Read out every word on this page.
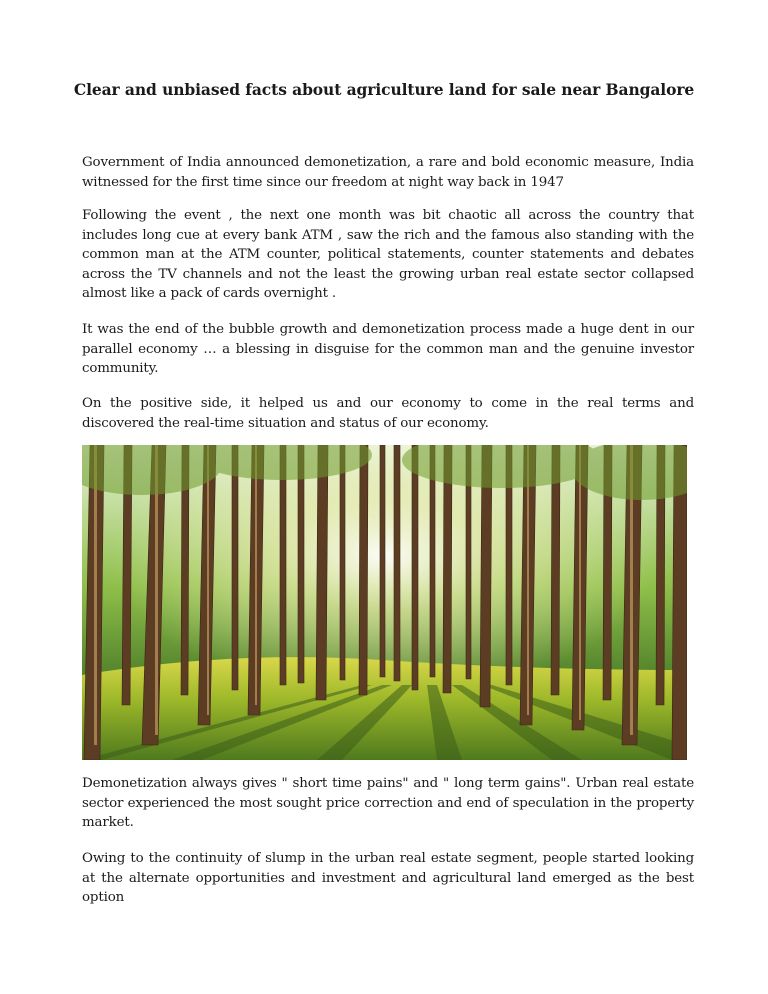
Clear and unbiased facts about agriculture land for sale near Bangalore

Government of India announced demonetization, a rare and bold economic measure, India witnessed for the first time since our freedom at night way back in 1947

Following the event , the next one month was bit chaotic all across the country that includes long cue at every bank ATM , saw the rich and the famous also standing with the common man at the ATM counter, political statements, counter statements and debates across the TV channels and not the least the growing urban real estate sector collapsed almost like a pack of cards overnight .

It was the end of the bubble growth and demonetization process made a huge dent in our parallel economy … a blessing in disguise for the common man and the genuine investor community.

On the positive side, it helped us and our economy to come in the real terms and discovered the real-time situation and status of our economy.

Demonetization always gives " short time pains" and " long term gains". Urban real estate sector experienced the most sought price correction and end of speculation in the property market.

Owing to the continuity of slump in the urban real estate segment, people started looking at the alternate opportunities and investment and agricultural land emerged as the best option
